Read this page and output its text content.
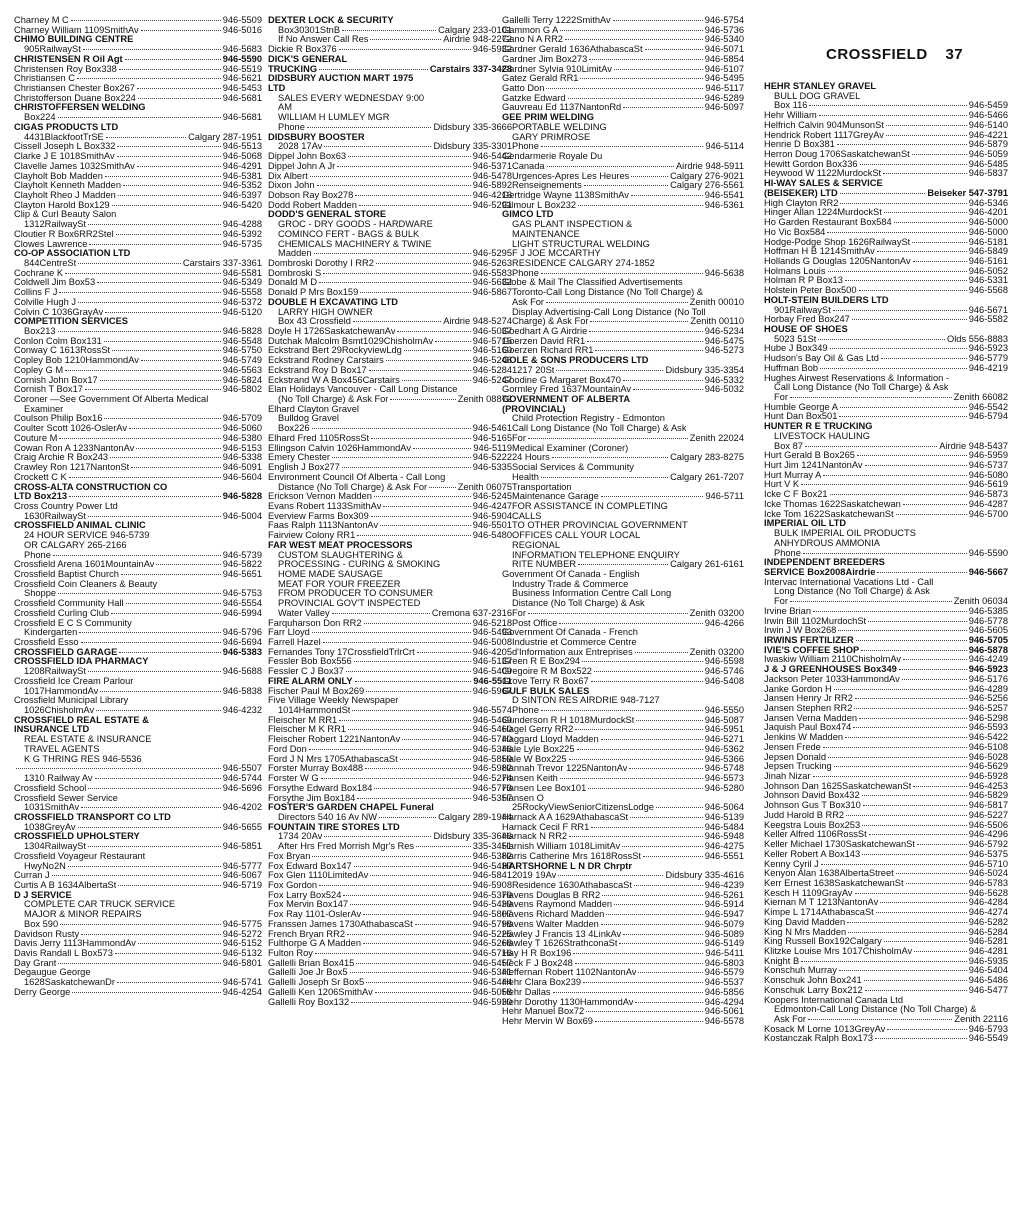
CROSSFIELD 37
Charney M C	946-5509
Charney William 1109SmithAv	946-5016
CHIMO BUILDING CENTRE
905RailwaySt	946-5683
CHRISTENSEN R Oil Agt	946-5590
Christensen Roy Box338	946-5519
Christiansen C	946-5621
Christiansen Chester Box267	946-5453
Christofferson Duane Box224	946-5681
CHRISTOFFERSEN WELDING
Box224	946-5681
CIGAS PRODUCTS LTD
4431BlackfootTrSE	Calgary 287-1951
Cissell Joseph L Box332	946-5513
Clarke J E 1018SmithAv	946-5068
Clavelle James 1032SmithAv	946-4291
Clayholt Bob Madden	946-5381
Clayholt Kenneth Madden	946-5352
Clayholt Rheo J Madden	946-5397
Clayton Harold Box129	946-5420
Clip & Curl Beauty Salon
1312RailwaySt	946-4288
Cloutier R Box6RR2Stel	946-5392
Clowes Lawrence	946-5735
CO-OP ASSOCIATION LTD
844CentreSt	Carstairs 337-3361
Cochrane K	946-5581
Coldwell Jim Box53	946-5349
Collins F J	946-5558
Colville Hugh J	946-5372
Colvin C 1036GrayAv	946-5120
COMPETITION SERVICES
Box213	946-5828
Conlon Colm Box131	946-5548
Conway C 1613RossSt	946-5750
Copley Bob 1210HammondAv	946-5749
Copley G M	946-5563
Cornish John Box17	946-5824
Cornish T Box17	946-5802
Coroner —See Government Of Alberta Medical
Examiner
Coulson Philip Box16	946-5709
Coulter Scott 1026-OslerAv	946-5060
Couture M	946-5380
Cowan Ron A 1233NantonAv	946-5153
Craig Archie R Box243	946-5338
Crawley Ron 1217NantonSt	946-5091
Crockett C K	946-5604
CROSS-ALTA CONSTRUCTION CO
LTD Box213	946-5828
Cross Country Power Ltd
1630RailwaySt	946-5004
CROSSFIELD ANIMAL CLINIC
24 HOUR SERVICE 946-5739
OR CALGARY 265-2166
Phone	946-5739
Crossfield Arena 1601MountainAv	946-5822
Crossfield Baptist Church	946-5651
Crossfield Coin Cleaners & Beauty
Shoppe	946-5753
Crossfield Community Hall	946-5554
Crossfield Curling Club	946-5994
Crossfield E C S Community
Kindergarten	946-5796
Crossfield Esso	946-5694
CROSSFIELD GARAGE	946-5383
CROSSFIELD IDA PHARMACY
1208RailwaySt	946-5688
Crossfield Ice Cream Parlour
1017HammondAv	946-5838
Crossfield Municipal Library
1026ChisholmAv	946-4232
CROSSFIELD REAL ESTATE &
INSURANCE LTD
REAL ESTATE & INSURANCE
TRAVEL AGENTS
K G THRING RES 946-5536
946-5507
1310 Railway Av	946-5744
Crossfield School	946-5696
Crossfield Sewer Service
1031SmithAv	946-4202
CROSSFIELD TRANSPORT CO LTD
1038GreyAv	946-5655
CROSSFIELD UPHOLSTERY
1304RailwaySt	946-5851
Crossfield Voyageur Restaurant
HwyNo2N	946-5777
Curran J	946-5067
Curtis A B 1634AlbertaSt	946-5719
D J SERVICE
COMPLETE CAR TRUCK SERVICE
MAJOR & MINOR REPAIRS
Box 590	946-5775
Davidson Rusty	946-5272
Davis Jerry 1113HammondAv	946-5152
Davis Randall L Box573	946-5132
Day Grant	946-5801
Degaugue George
1628SaskatchewanDr	946-5741
Derry George	946-4254
DEXTER LOCK & SECURITY
Box30301StnB	Calgary 233-0101
If No Answer Call Res	Airdrie 948-2272
Dickie R Box376	946-5932
DICK'S GENERAL
TRUCKING	Carstairs 337-3428
DIDSBURY AUCTION MART 1975
LTD
SALES EVERY WEDNESDAY 9:00
AM
WILLIAM H LUMLEY MGR
Phone	Didsbury 335-3666
DIDSBURY BOOSTER
2028 17Av	Didsbury 335-3301
Dippel John Box63	946-5442
Dippel John A Jr	946-5371
Dix Albert	946-5478
Dixon John	946-5892
Dobson Ray Box278	946-4216
Dodd Robert Madden	946-5291
DODD'S GENERAL STORE
GROC - DRY GOODS - HARDWARE
COMINCO FERT - BAGS & BULK
CHEMICALS MACHINERY & TWINE
Madden	946-5295
Dombroski Dorothy I RR2	946-5263
Dombroski S	946-5583
Donald M D	946-5632
Donald P Mrs Box159	946-5867
DOUBLE H EXCAVATING LTD
LARRY HIGH OWNER
Box 43 Crossfield	Airdrie 948-5274
Doyle H 1726SaskatchewanAv	946-5037
Dutchak Malcolm Bsmt1029ChisholmAv	946-5715
Eckstrand Bert 29RockyviewLdg	946-5160
Eckstrand Rodney Carstairs	946-5246
Eckstrand Roy D Box17	946-5284
Eckstrand W A Box456Carstairs	946-5247
Elan Holidays Vancouver - Call Long Distance
(No Toll Charge) & Ask For	Zenith 08872
Elhard Clayton Gravel
Bulldog Gravel
Box226	946-5461
Elhard Fred 1105RossSt	946-5165
Ellingson Calvin 1026HammondAv	946-5119
Emery Chester	946-5222
English J Box277	946-5335
Environment Council Of Alberta - Call Long
Distance (No Toll Charge) & Ask For	Zenith 06075
Erickson Vernon Madden	946-5245
Evans Robert 1133SmithAv	946-4247
Everview Farms Box309	946-5904
Faas Ralph 1113NantonAv	946-5501
Fairview Colony RR1	946-5480
FAR WEST MEAT PROCESSORS
CUSTOM SLAUGHTERING &
PROCESSING - CURING & SMOKING
HOME MADE SAUSAGE
MEAT FOR YOUR FREEZER
FROM PRODUCER TO CONSUMER
PROVINCIAL GOV'T INSPECTED
Water Valley	Cremona 637-2316
Farquharson Don RR2	946-5218
Farr Lloyd	946-5493
Farrell Hazel	946-5008
Fernandes Tony 17CrossfieldTrlrCrt	946-4205
Fessler Bob Box556	946-5137
Fessler C J Box37	946-5409
FIRE ALARM ONLY	946-5511
Fischer Paul M Box269	946-5967
Five Village Weekly Newspaper
1014HammondSt	946-5574
Fleischer M RR1	946-5469
Fleischer M K RR1	946-5460
Fleischer Robert 1221NantonAv	946-5740
Ford Don	946-5346
Ford J N Mrs 1705AthabascaSt	946-5859
Forster Murray Box488	946-5982
Forster W G	946-5274
Forsythe Edward Box184	946-5773
Forsythe Jim Box184	946-5357
FOSTER'S GARDEN CHAPEL Funeral
Directors 540 16 Av NW	Calgary 289-1944
FOUNTAIN TIRE STORES LTD
1734 20Av	Didsbury 335-3646
After Hrs Fred Morrish Mgr's Res	335-3451
Fox Bryan	946-5382
Fox Edward Box147	946-5437
Fox Glen 1110LimitedAv	946-5841
Fox Gordon	946-5908
Fox Larry Box524	946-5379
Fox Mervin Box147	946-5439
Fox Ray 1101-OslerAv	946-5807
Franssen James 1730AthabascaSt	946-5798
French Bryan RR2	946-5225
Fulthorpe G A Madden	946-5268
Fulton Roy	946-5716
Gallelli Brian Box415	946-5457
Gallelli Joe Jr Box5	946-5341
Gallelli Joseph Sr Box5	946-5444
Gallelli Ken 1206SmithAv	946-5058
Gallelli Roy Box132	946-5930
Gallelli Terry 1222SmithAv	946-5754
Gammon G A	946-5736
Gano N A RR2	946-5340
Gardner Gerald 1636AthabascaSt	946-5071
Gardner Jim Box273	946-5854
Gardner Sylvia 910LimitAv	946-5107
Gatez Gerald RR1	946-5495
Gatto Don	946-5117
Gatzke Edward	946-5289
Gauvreau Ed 1137NantonRd	946-5097
GEE PRIM WELDING
PORTABLE WELDING
GARY PRIMROSE
Phone	946-5114
Gendarmerie Royale Du
Canada	Airdrie 948-5911
Urgences-Apres Les Heures	Calgary 276-9021
Renseignements	Calgary 276-5561
Gertridge Wayne 1138SmithAv	946-5541
Gilmour L Box232	946-5361
GIMCO LTD
GAS PLANT INSPECTION &
MAINTENANCE
LIGHT STRUCTURAL WELDING
F J JOE MCCARTHY
RESIDENCE CALGARY 274-1852
Phone	946-5638
Globe & Mail The Classified Advertisements
Toronto-Call Long Distance (No Toll Charge) &
Ask For	Zenith 00010
Display Advertising-Call Long Distance (No Toll
Charge) & Ask For	Zenith 00110
Goedhart A G Airdrie	946-5234
Goerzen David RR1	946-5475
Goerzen Richard RR1	946-5273
GOLE & SONS PRODUCERS LTD
1217 20St	Didsbury 335-3354
Goodine G Margaret Box470	946-5332
Gormley Fred 1637MountainAv	946-5032
GOVERNMENT OF ALBERTA
(PROVINCIAL)
Child Protection Registry - Edmonton
Call Long Distance (No Toll Charge) & Ask
For	Zenith 22024
Medical Examiner (Coroner)
24 Hours	Calgary 283-8275
Social Services & Community
Health	Calgary 261-7207
Transportation
Maintenance Garage	946-5711
FOR ASSISTANCE IN COMPLETING
CALLS
TO OTHER PROVINCIAL GOVERNMENT
OFFICES CALL YOUR LOCAL
REGIONAL
INFORMATION TELEPHONE ENQUIRY
RITE NUMBER	Calgary 261-6161
Government Of Canada - English
Industry Trade & Commerce
Business Information Centre Call Long
Distance (No Toll Charge) & Ask
For	Zenith 03200
Post Office	946-4266
Government Of Canada - French
Industrie et Commerce Centre
d'Information aux Entreprises	Zenith 03200
Green R E Box294	946-5598
Gregoire R M Box522	946-5746
Grove Terry R Box67	946-5408
GULF BULK SALES
D SINTON RES AIRDRIE 948-7127
Phone	946-5550
Gunderson R H 1018MurdockSt	946-5087
Hagel Gerry RR2	946-5951
Haggard Lloyd Madden	946-5271
Hale Lyle Box225	946-5362
Hale W Box225	946-5366
Hannah Trevor 1225NantonAv	946-5748
Hansen Keith	946-5573
Hansen Lee Box101	946-5280
Hansen O
25RockyViewSeniorCitizensLodge	946-5064
Harnack A A 1629AthabascaSt	946-5139
Harnack Cecil F RR1	946-5484
Harnack N RR2	946-5948
Harnish William 1018LimitAv	946-4275
Harris Catherine Mrs 1618RossSt	946-5551
HARTSHORNE L N DR Chrptr
2019 19Av	Didsbury 335-4616
Residence 1630AthabascaSt	946-4239
Havens Douglas B RR2	946-5261
Havens Raymond Madden	946-5914
Havens Richard Madden	946-5947
Havens Walter Madden	946-5079
Hawley J Francis 13 4LinkAv	946-5089
Hawley T 1626StrathconaSt	946-5149
Hay H R Box196	946-5411
Heck F J Box248	946-5803
Heffernan Robert 1102NantonAv	946-5579
Hehr Clara Box239	946-5537
Hehr Dallas	946-5856
Hehr Dorothy 1130HammondAv	946-4294
Hehr Manuel Box72	946-5061
Hehr Mervin W Box69	946-5578
HEHR STANLEY GRAVEL
BULL DOG GRAVEL
Box 116	946-5459
Hehr William	946-5466
Helfrich Calvin 904MunsonSt	946-5140
Hendrick Robert 1117GreyAv	946-4221
Henrie D Box381	946-5879
Herron Doug 1706SaskatchewanSt	946-5059
Hewitt Gordon Box336	946-5485
Heywood W 1122MurdockSt	946-5837
HI-WAY SALES & SERVICE
(BEISEKER) LTD	Beiseker 547-3791
High Clayton RR2	946-5346
Hinger Allan 1224MurdockSt	946-4201
Ho Garden Restaurant Box584	946-5000
Ho Vic Box584	946-5000
Hodge-Podge Shop 1626RailwaySt	946-5181
Hoffman H B 1214SmithAv	946-5849
Hollands G Douglas 1205NantonAv	946-5161
Holmans Louis	946-5052
Holman R P Box13	946-5331
Holstein Peter Box500	946-5568
HOLT-STEIN BUILDERS LTD
901RailwaySt	946-5671
Horbay Fred Box247	946-5582
HOUSE OF SHOES
5023 51St	Olds 556-8883
Hube J Box349	946-5923
Hudson's Bay Oil & Gas Ltd	946-5779
Huffman Bob	946-4219
Hughes Airwest Reservations & Information -
Call Long Distance (No Toll Charge) & Ask
For	Zenith 66082
Humble George A	946-5542
Hunt Dan Box501	946-5794
HUNTER R E TRUCKING
LIVESTOCK HAULING
Box 87	Airdrie 948-5437
Hurt Gerald B Box265	946-5959
Hurt Jim 1241NantonAv	946-5737
Hurt Murray A	946-5080
Hurt V K	946-5619
Icke C F Box21	946-5873
Icke Thomas 1622Saskatchewan	946-4287
Icke Tom 1622SaskatchewanSt	946-5700
IMPERIAL OIL LTD
BULK IMPERIAL OIL PRODUCTS
ANHYDROUS AMMONIA
Phone	946-5590
INDEPENDENT BREEDERS
SERVICE Box2008Airdrie	946-5667
Intervac International Vacations Ltd - Call
Long Distance (No Toll Charge) & Ask
For	Zenith 06034
Irvine Brian	946-5385
Irwin Bill 1102MurdochSt	946-5778
Irwin J W Box268	946-5605
IRWINS FERTILIZER	946-5705
IVIE'S COFFEE SHOP	946-5878
Iwaskiw William 2110ChisholmAv	946-4249
J & J GREENHOUSES Box349	946-5923
Jackson Peter 1033HammondAv	946-5176
Janke Gordon H	946-4289
Jansen Henry Jr RR2	946-5256
Jansen Stephen RR2	946-5257
Jansen Verna Madden	946-5298
Jaquish Paul Box474	946-5593
Jenkins W Madden	946-5422
Jensen Frede	946-5108
Jepsen Donald	946-5028
Jepsen Trucking	946-5629
Jinah Nizar	946-5928
Johnson Dan 1625SaskatchewanSt	946-4253
Johnson David Box432	946-5829
Johnson Gus T Box310	946-5817
Judd Harold B RR2	946-5227
Keegstra Louis Box253	946-5506
Keller Alfred 1106RossSt	946-4296
Keller Michael 1730SaskatchewanSt	946-5792
Keller Robert A Box143	946-5375
Kenny Cyril J	946-5710
Kenyon Alan 1638AlbertaStreet	946-5024
Kerr Ernest 1638SaskatchewanSt	946-5783
Kesch H 1109GrayAv	946-5628
Kiernan M T 1213NantonAv	946-4284
Kimpe L 1714AthabascaSt	946-4274
King David Madden	946-5282
King N Mrs Madden	946-5284
King Russell Box192Calgary	946-5281
Klitzke Louise Mrs 1017ChisholmAv	946-4281
Knight B	946-5935
Konschuh Murray	946-5404
Konschuk John Box241	946-5486
Konschuk Larry Box212	946-5477
Koopers International Canada Ltd
Edmonton-Call Long Distance (No Toll Charge) &
Ask For	Zenith 22116
Kosack M Lorne 1013GreyAv	946-5793
Kostanczak Ralph Box173	946-5549
